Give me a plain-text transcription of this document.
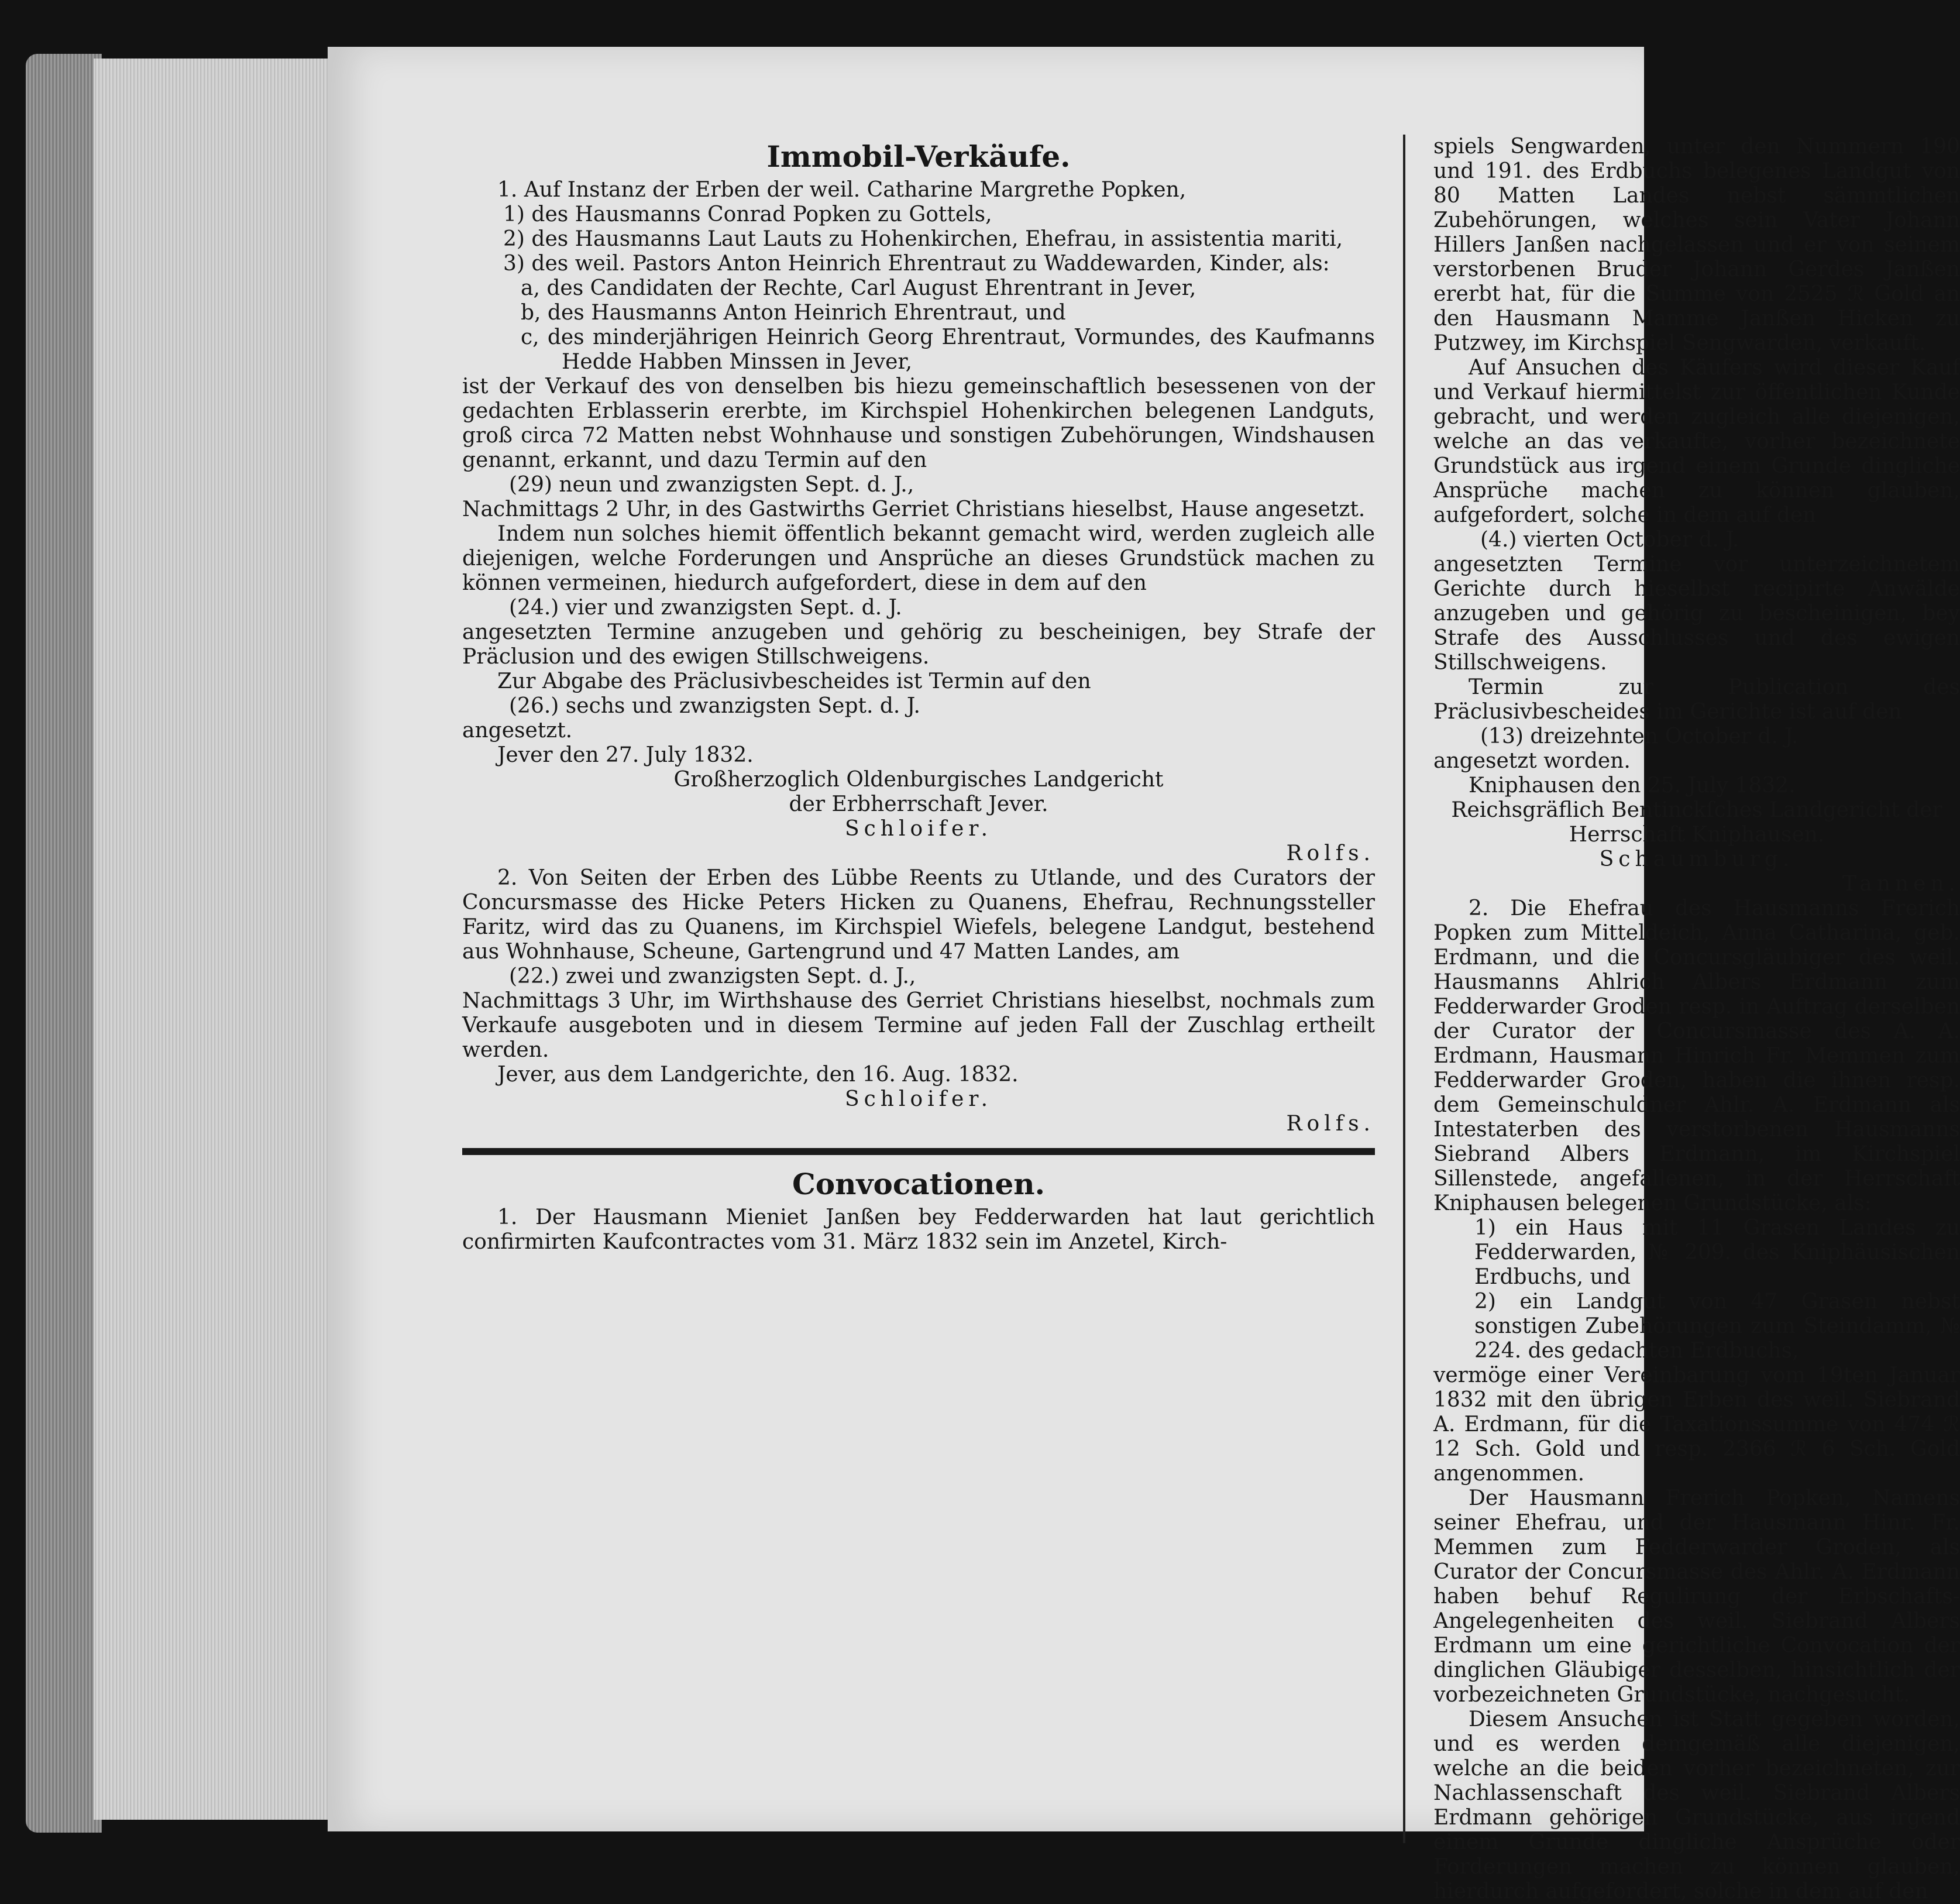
Immobil-Verkäufe.

1. Auf Instanz der Erben der weil. Catharine Margrethe Popken,

1) des Hausmanns Conrad Popken zu Gottels,

2) des Hausmanns Laut Lauts zu Hohenkirchen, Ehefrau, in assistentia mariti,

3) des weil. Pastors Anton Heinrich Ehrentraut zu Waddewarden, Kinder, als:

a, des Candidaten der Rechte, Carl August Ehrentrant in Jever,

b, des Hausmanns Anton Heinrich Ehrentraut, und

c, des minderjährigen Heinrich Georg Ehrentraut, Vormundes, des Kaufmanns Hedde Habben Minssen in Jever,

ist der Verkauf des von denselben bis hiezu gemeinschaftlich besessenen von der gedachten Erblasserin ererbte, im Kirchspiel Hohenkirchen belegenen Landguts, groß circa 72 Matten nebst Wohnhause und sonstigen Zubehörungen, Windshausen genannt, erkannt, und dazu Termin auf den

(29) neun und zwanzigsten Sept. d. J.,

Nachmittags 2 Uhr, in des Gastwirths Gerriet Christians hieselbst, Hause angesetzt.

Indem nun solches hiemit öffentlich bekannt gemacht wird, werden zugleich alle diejenigen, welche Forderungen und Ansprüche an dieses Grundstück machen zu können vermeinen, hiedurch aufgefordert, diese in dem auf den

(24.) vier und zwanzigsten Sept. d. J.

angesetzten Termine anzugeben und gehörig zu bescheinigen, bey Strafe der Präclusion und des ewigen Stillschweigens.

Zur Abgabe des Präclusivbescheides ist Termin auf den

(26.) sechs und zwanzigsten Sept. d. J.

angesetzt.

Jever den 27. July 1832.

Großherzoglich Oldenburgisches Landgericht

der Erbherrschaft Jever.

Schloifer.

Rolfs.

2. Von Seiten der Erben des Lübbe Reents zu Utlande, und des Curators der Concursmasse des Hicke Peters Hicken zu Quanens, Ehefrau, Rechnungssteller Faritz, wird das zu Quanens, im Kirchspiel Wiefels, belegene Landgut, bestehend aus Wohnhause, Scheune, Gartengrund und 47 Matten Landes, am

(22.) zwei und zwanzigsten Sept. d. J.,

Nachmittags 3 Uhr, im Wirthshause des Gerriet Christians hieselbst, nochmals zum Verkaufe ausgeboten und in diesem Termine auf jeden Fall der Zuschlag ertheilt werden.

Jever, aus dem Landgerichte, den 16. Aug. 1832.

Schloifer.

Rolfs.

Convocationen.

1. Der Hausmann Mieniet Janßen bey Fedderwarden hat laut gerichtlich confirmirten Kaufcontractes vom 31. März 1832 sein im Anzetel, Kirch-

spiels Sengwarden, unter den Nummern 190 und 191. des Erdbuchs belegenes Landgut von 80 Matten Landes nebst sämmtlichen Zubehörungen, welches sein Vater Johann Hillers Janßen nachgelassen und er von seinem verstorbenen Bruder Johann Gerdes Janßen ererbt hat, für die Summe von 2525 ℛ Gold an den Hausmann Mamme Janßen Hicken zu Putzwey, im Kirchspiel Sengwarden, verkauft.

Auf Ansuchen des Käufers wird dieser Kauf und Verkauf hiermittelst zur öffentlichen Kunde gebracht, und werden zugleich alle diejenigen, welche an das verkaufte, vorher bezeichnete Grundstück aus irgend einem Grunde dingliche Ansprüche machen zu können glauben, aufgefordert, solche in dem auf den

(4.) vierten October d. J.

angesetzten Termine vor unterzeichnetem Gerichte durch hieselbst recipirte Anwälde anzugeben und gehörig zu bescheinigen, bey Strafe des Ausschlusses und des ewigen Stillschweigens.

Termin zur Publication des Präclusivbescheides im Gerichte ist auf den

(13) dreizehnten October d. J.

angesetzt worden.

Kniphausen den 25. July 1832.

Reichsgräflich Bentinckſches Landgericht der Herrschaft Kniphausen.

Schaumburg.

Tannen.

2. Die Ehefrau des Hausmanns Frerich Popken zum Mitteldeich, Anna Catharina, geb. Erdmann, und die Concursgläubiger des weil. Hausmanns Ahlrich Albers Erdmann zum Fedderwarder Groden resp. in Auftrag derselben der Curator der Concursmasse des A. A. Erdmann, Hausmann Hinrich Fr. Memmen zum Fedderwarder Groden, haben die ihnen resp. dem Gemeinschuldner Ahlr. A. Erdmann als Intestaterben des verstorbenen Hausmanns Siebrand Albers Erdmann, im Kirchspiel Sillenstede, angefallenen, in der Herrschaft Kniphausen belegenen Grundstücke, als:

1) ein Haus mit 11 Grasen Landes zu Fedderwarden, № 209. des Kniphäusischen Erdbuchs, und

2) ein Landgut von 47 Grasen nebst sonstigen Zubehörungen zum Steindamm, № 224. des gedachten Erdbuchs,

vermöge einer Vereinbarung vom 19ten Januar 1832 mit den übrigen Erben des weil. Siebrand A. Erdmann, für die Taxationssumme von 474 ℛ 12 Sch. Gold und resp. 2366 ℛ 6 Sch. Gold angenommen.

Der Hausmann Frerich Popken, Namens seiner Ehefrau, und der Hausmann Hinr. Fr. Memmen zum Fedderwarder Groden, als Curator der Concursmasse des Ahlr. A. Erdmann haben behuf Regulirung der Erbschafts-Angelegenheiten des weil. Siebrand Albers Erdmann um eine gerichtliche Convocation der dinglichen Gläubiger desselben, hinsichtlich der vorbezeichneten Grundstücke, nachgesucht.

Diesem Ansuchen ist Statt gegeben worden, und es werden demgemäß alle diejenigen, welche an die beiden vorher bezeichneten, zur Nachlassenschaft des weil. Siebrand Albers Erdmann gehörigen Grundstücke, aus irgend einem Grunde dingliche Ansprüche oder Forderungen machen zu können glauben, hierdurch aufgefordert, solche in dem auf den
